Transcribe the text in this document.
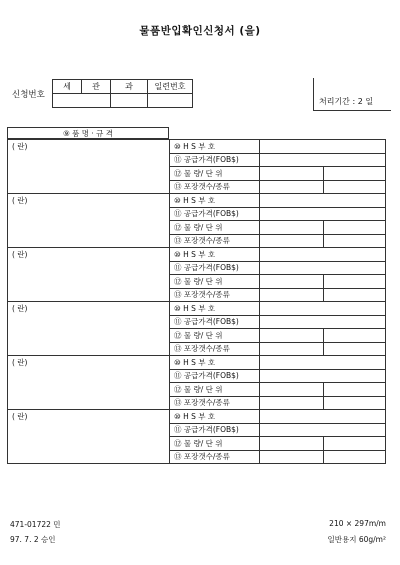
물품반입확인신청서 (을)
신청번호
세	관	과	일련번호

처리기간 : 2 일
⑨ 품 명 · 규 격
( 란)	⑩ H S 부 호		
	⑪ 공급가격(FOB$)		
	⑫ 물 량/ 단 위		
	⑬ 포장갯수/종류		
( 란)	⑩ H S 부 호		
	⑪ 공급가격(FOB$)		
	⑫ 물 량/ 단 위		
	⑬ 포장갯수/종류		
( 란)	⑩ H S 부 호		
	⑪ 공급가격(FOB$)		
	⑫ 물 량/ 단 위		
	⑬ 포장갯수/종류		
( 란)	⑩ H S 부 호		
	⑪ 공급가격(FOB$)		
	⑫ 물 량/ 단 위		
	⑬ 포장갯수/종류		
( 란)	⑩ H S 부 호		
	⑪ 공급가격(FOB$)		
	⑫ 물 량/ 단 위		
	⑬ 포장갯수/종류		
( 란)	⑩ H S 부 호		
	⑪ 공급가격(FOB$)		
	⑫ 물 량/ 단 위		
	⑬ 포장갯수/종류		
471-01722 민
97. 7. 2 승인
210 × 297m/m
일반용지 60g/m²
